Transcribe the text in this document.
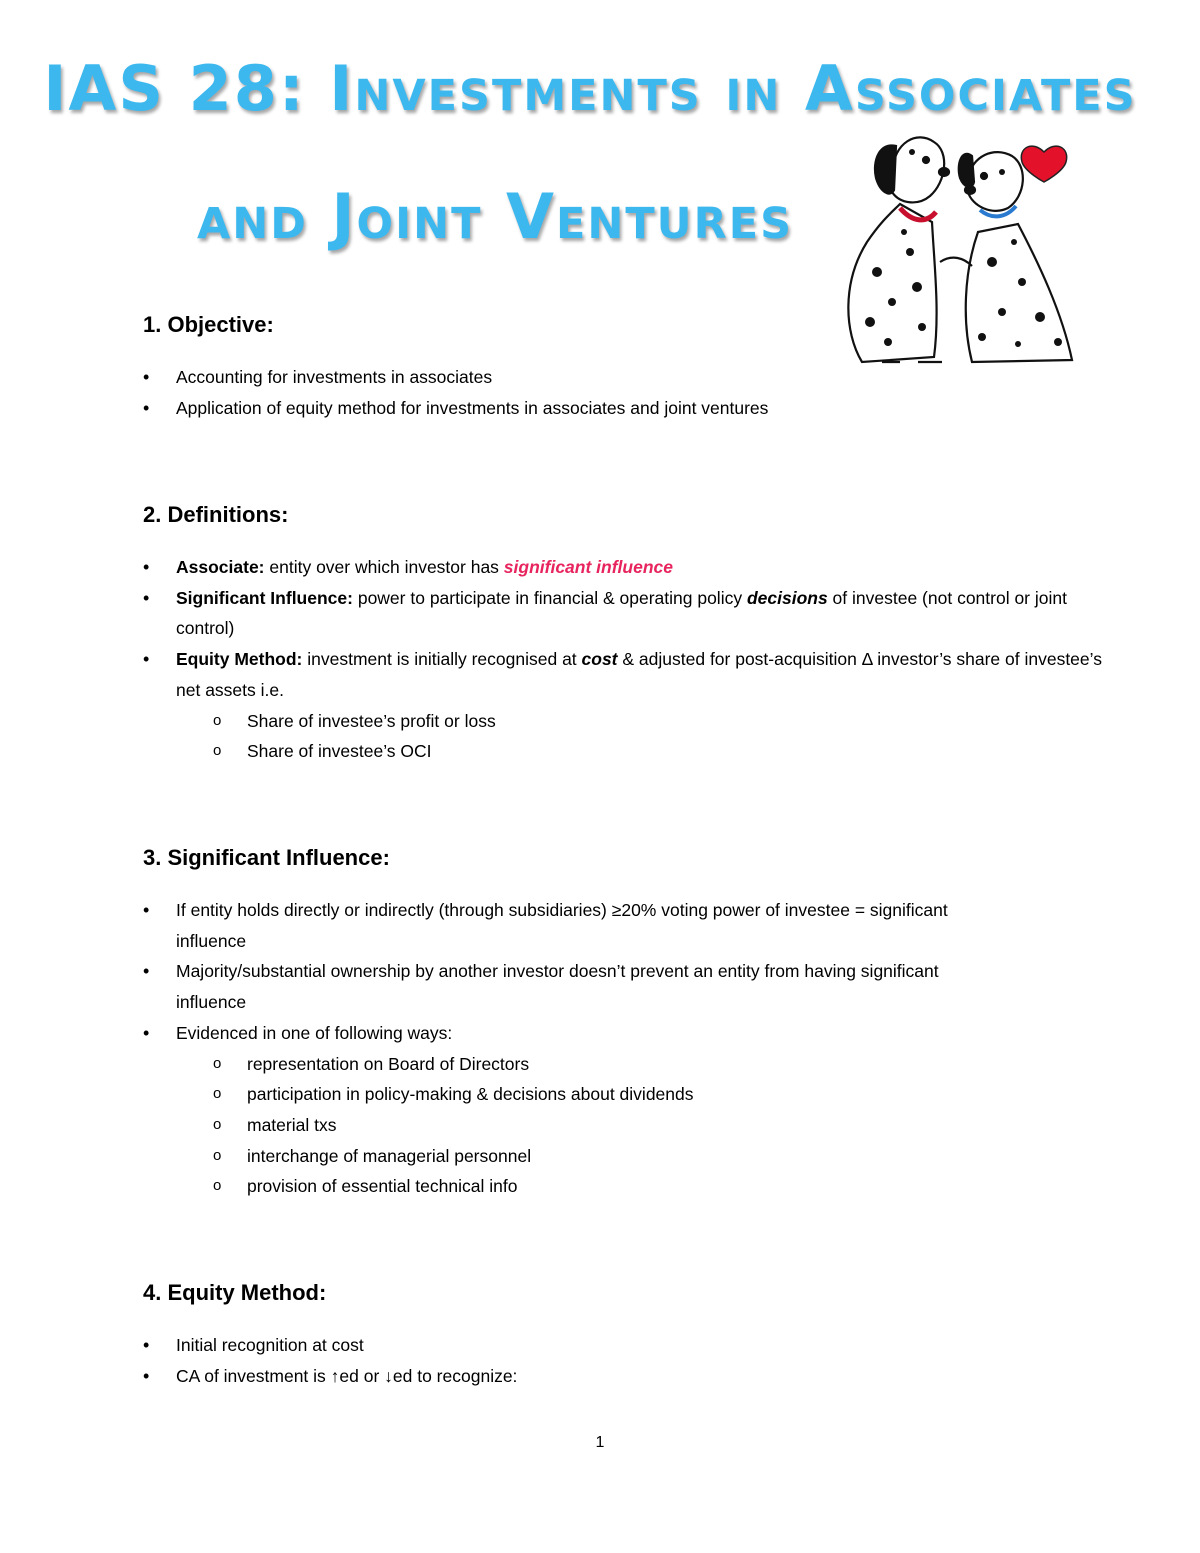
IAS 28: Investments in Associates
and Joint Ventures
1. Objective:
• Accounting for investments in associates
• Application of equity method for investments in associates and joint ventures
2. Definitions:
• Associate: entity over which investor has significant influence
• Significant Influence: power to participate in financial & operating policy decisions of investee (not control or joint control)
• Equity Method: investment is initially recognised at cost & adjusted for post-acquisition Δ investor’s share of investee’s net assets i.e.
o Share of investee’s profit or loss
o Share of investee’s OCI
3. Significant Influence:
• If entity holds directly or indirectly (through subsidiaries) ≥20% voting power of investee = significant influence
• Majority/substantial ownership by another investor doesn’t prevent an entity from having significant influence
• Evidenced in one of following ways:
o representation on Board of Directors
o participation in policy-making & decisions about dividends
o material txs
o interchange of managerial personnel
o provision of essential technical info
4. Equity Method:
• Initial recognition at cost
• CA of investment is ↑ed or ↓ed to recognize:
1
